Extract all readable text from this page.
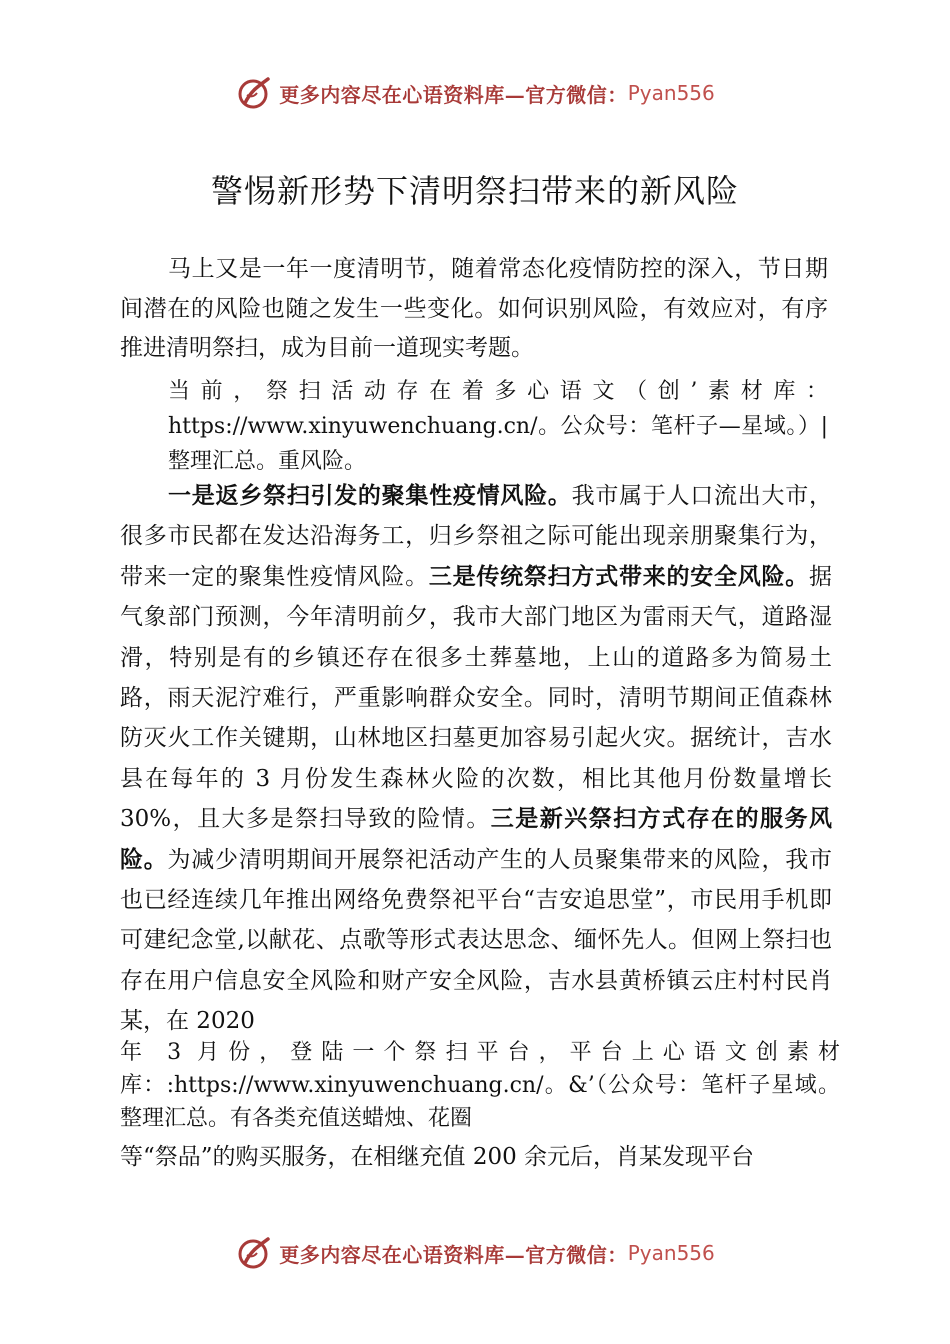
更多内容尽在心语资料库—官方微信： Pyan556
警惕新形势下清明祭扫带来的新风险

马上又是一年一度清明节，随着常态化疫情防控的深入，节日期间潜在的风险也随之发生一些变化。如何识别风险，有效应对，有序推进清明祭扫，成为目前一道现实考题。

当前，祭扫活动存在着多心语文（创’素材库：https://www.xinyuwenchuang.cn/。公众号：笔杆子—星域。）|整理汇总。重风险。

一是返乡祭扫引发的聚集性疫情风险。我市属于人口流出大市，很多市民都在发达沿海务工，归乡祭祖之际可能出现亲朋聚集行为，带来一定的聚集性疫情风险。三是传统祭扫方式带来的安全风险。据气象部门预测，今年清明前夕，我市大部门地区为雷雨天气，道路湿滑，特别是有的乡镇还存在很多土葬墓地，上山的道路多为简易土路，雨天泥泞难行，严重影响群众安全。同时，清明节期间正值森林防灭火工作关键期，山林地区扫墓更加容易引起火灾。据统计，吉水县在每年的 3 月份发生森林火险的次数，相比其他月份数量增长 30%，且大多是祭扫导致的险情。三是新兴祭扫方式存在的服务风险。为减少清明期间开展祭祀活动产生的人员聚集带来的风险，我市也已经连续几年推出网络免费祭祀平台“吉安追思堂”，市民用手机即可建纪念堂,以献花、点歌等形式表达思念、缅怀先人。但网上祭扫也存在用户信息安全风险和财产安全风险，吉水县黄桥镇云庄村村民肖某，在 2020

年 3 月份，登陆一个祭扫平台，平台上心语文创素材库：:https://www.xinyuwenchuang.cn/。&’（公众号：笔杆子星域。整理汇总。有各类充值送蜡烛、花圈

等“祭品”的购买服务，在相继充值 200 余元后，肖某发现平台

更多内容尽在心语资料库—官方微信： Pyan556
